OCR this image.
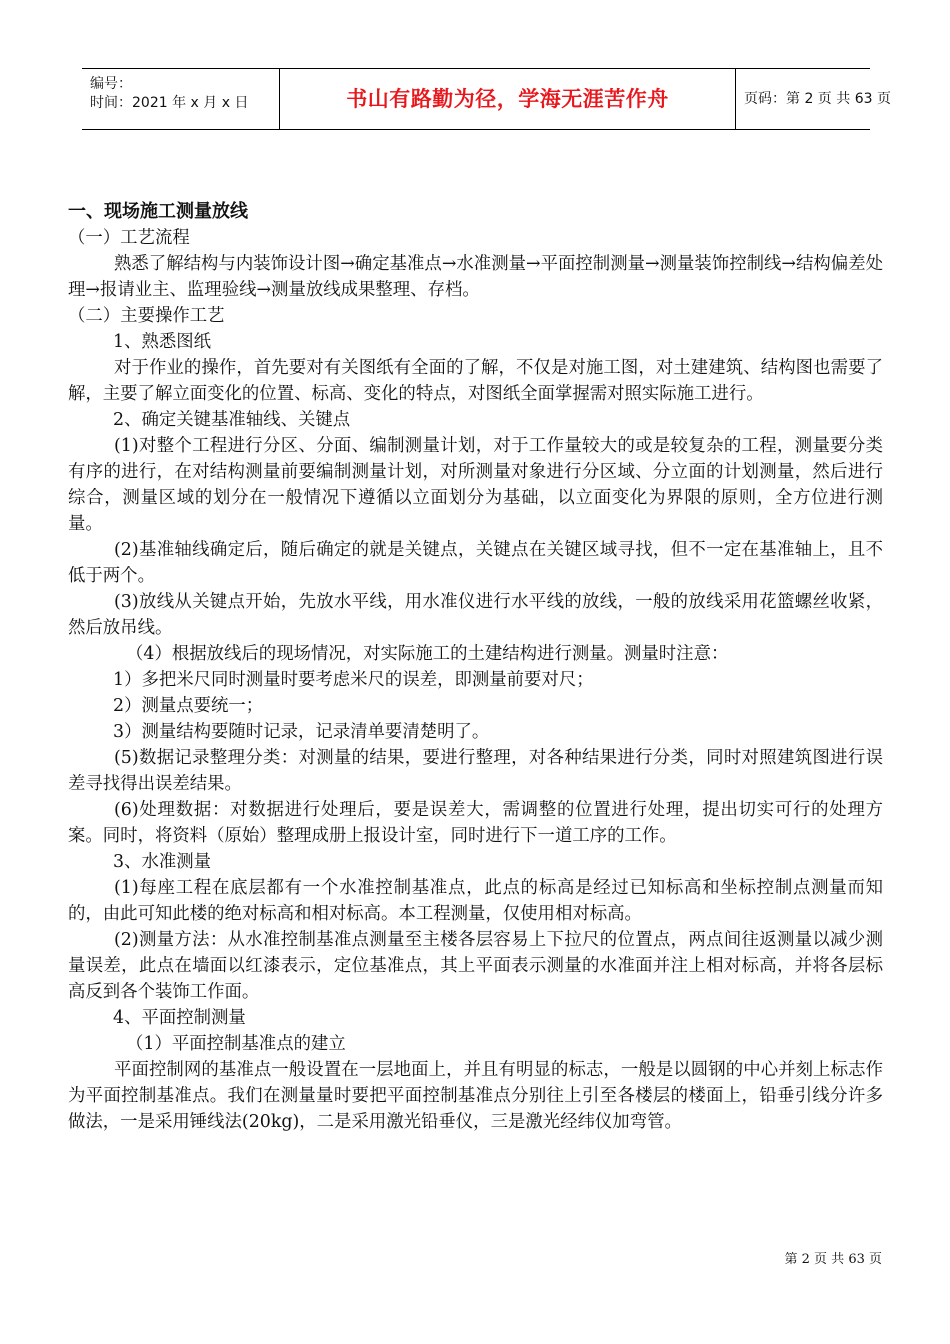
编号：
时间：2021 年 x 月 x 日	书山有路勤为径，学海无涯苦作舟	页码：第 2 页 共 63 页

一、现场施工测量放线

（一）工艺流程

熟悉了解结构与内装饰设计图→确定基准点→水准测量→平面控制测量→测量装饰控制线→结构偏差处理→报请业主、监理验线→测量放线成果整理、存档。

（二）主要操作工艺

1、熟悉图纸

对于作业的操作，首先要对有关图纸有全面的了解，不仅是对施工图，对土建建筑、结构图也需要了解，主要了解立面变化的位置、标高、变化的特点，对图纸全面掌握需对照实际施工进行。

2、确定关键基准轴线、关键点

(1)对整个工程进行分区、分面、编制测量计划，对于工作量较大的或是较复杂的工程，测量要分类有序的进行，在对结构测量前要编制测量计划，对所测量对象进行分区域、分立面的计划测量，然后进行综合，测量区域的划分在一般情况下遵循以立面划分为基础，以立面变化为界限的原则，全方位进行测量。

(2)基准轴线确定后，随后确定的就是关键点，关键点在关键区域寻找，但不一定在基准轴上，且不低于两个。

(3)放线从关键点开始，先放水平线，用水准仪进行水平线的放线，一般的放线采用花篮螺丝收紧，然后放吊线。

（4）根据放线后的现场情况，对实际施工的土建结构进行测量。测量时注意：

1）多把米尺同时测量时要考虑米尺的误差，即测量前要对尺；

2）测量点要统一；

3）测量结构要随时记录，记录清单要清楚明了。

(5)数据记录整理分类：对测量的结果，要进行整理，对各种结果进行分类，同时对照建筑图进行误差寻找得出误差结果。

(6)处理数据：对数据进行处理后，要是误差大，需调整的位置进行处理，提出切实可行的处理方案。同时，将资料（原始）整理成册上报设计室，同时进行下一道工序的工作。

3、水准测量

(1)每座工程在底层都有一个水准控制基准点，此点的标高是经过已知标高和坐标控制点测量而知的，由此可知此楼的绝对标高和相对标高。本工程测量，仅使用相对标高。

(2)测量方法：从水准控制基准点测量至主楼各层容易上下拉尺的位置点，两点间往返测量以减少测量误差，此点在墙面以红漆表示，定位基准点，其上平面表示测量的水准面并注上相对标高，并将各层标高反到各个装饰工作面。

4、平面控制测量

（1）平面控制基准点的建立

平面控制网的基准点一般设置在一层地面上，并且有明显的标志，一般是以圆钢的中心并刻上标志作为平面控制基准点。我们在测量量时要把平面控制基准点分别往上引至各楼层的楼面上，铅垂引线分许多做法，一是采用锤线法(20kg)，二是采用激光铅垂仪，三是激光经纬仪加弯管。

第 2 页 共 63 页
